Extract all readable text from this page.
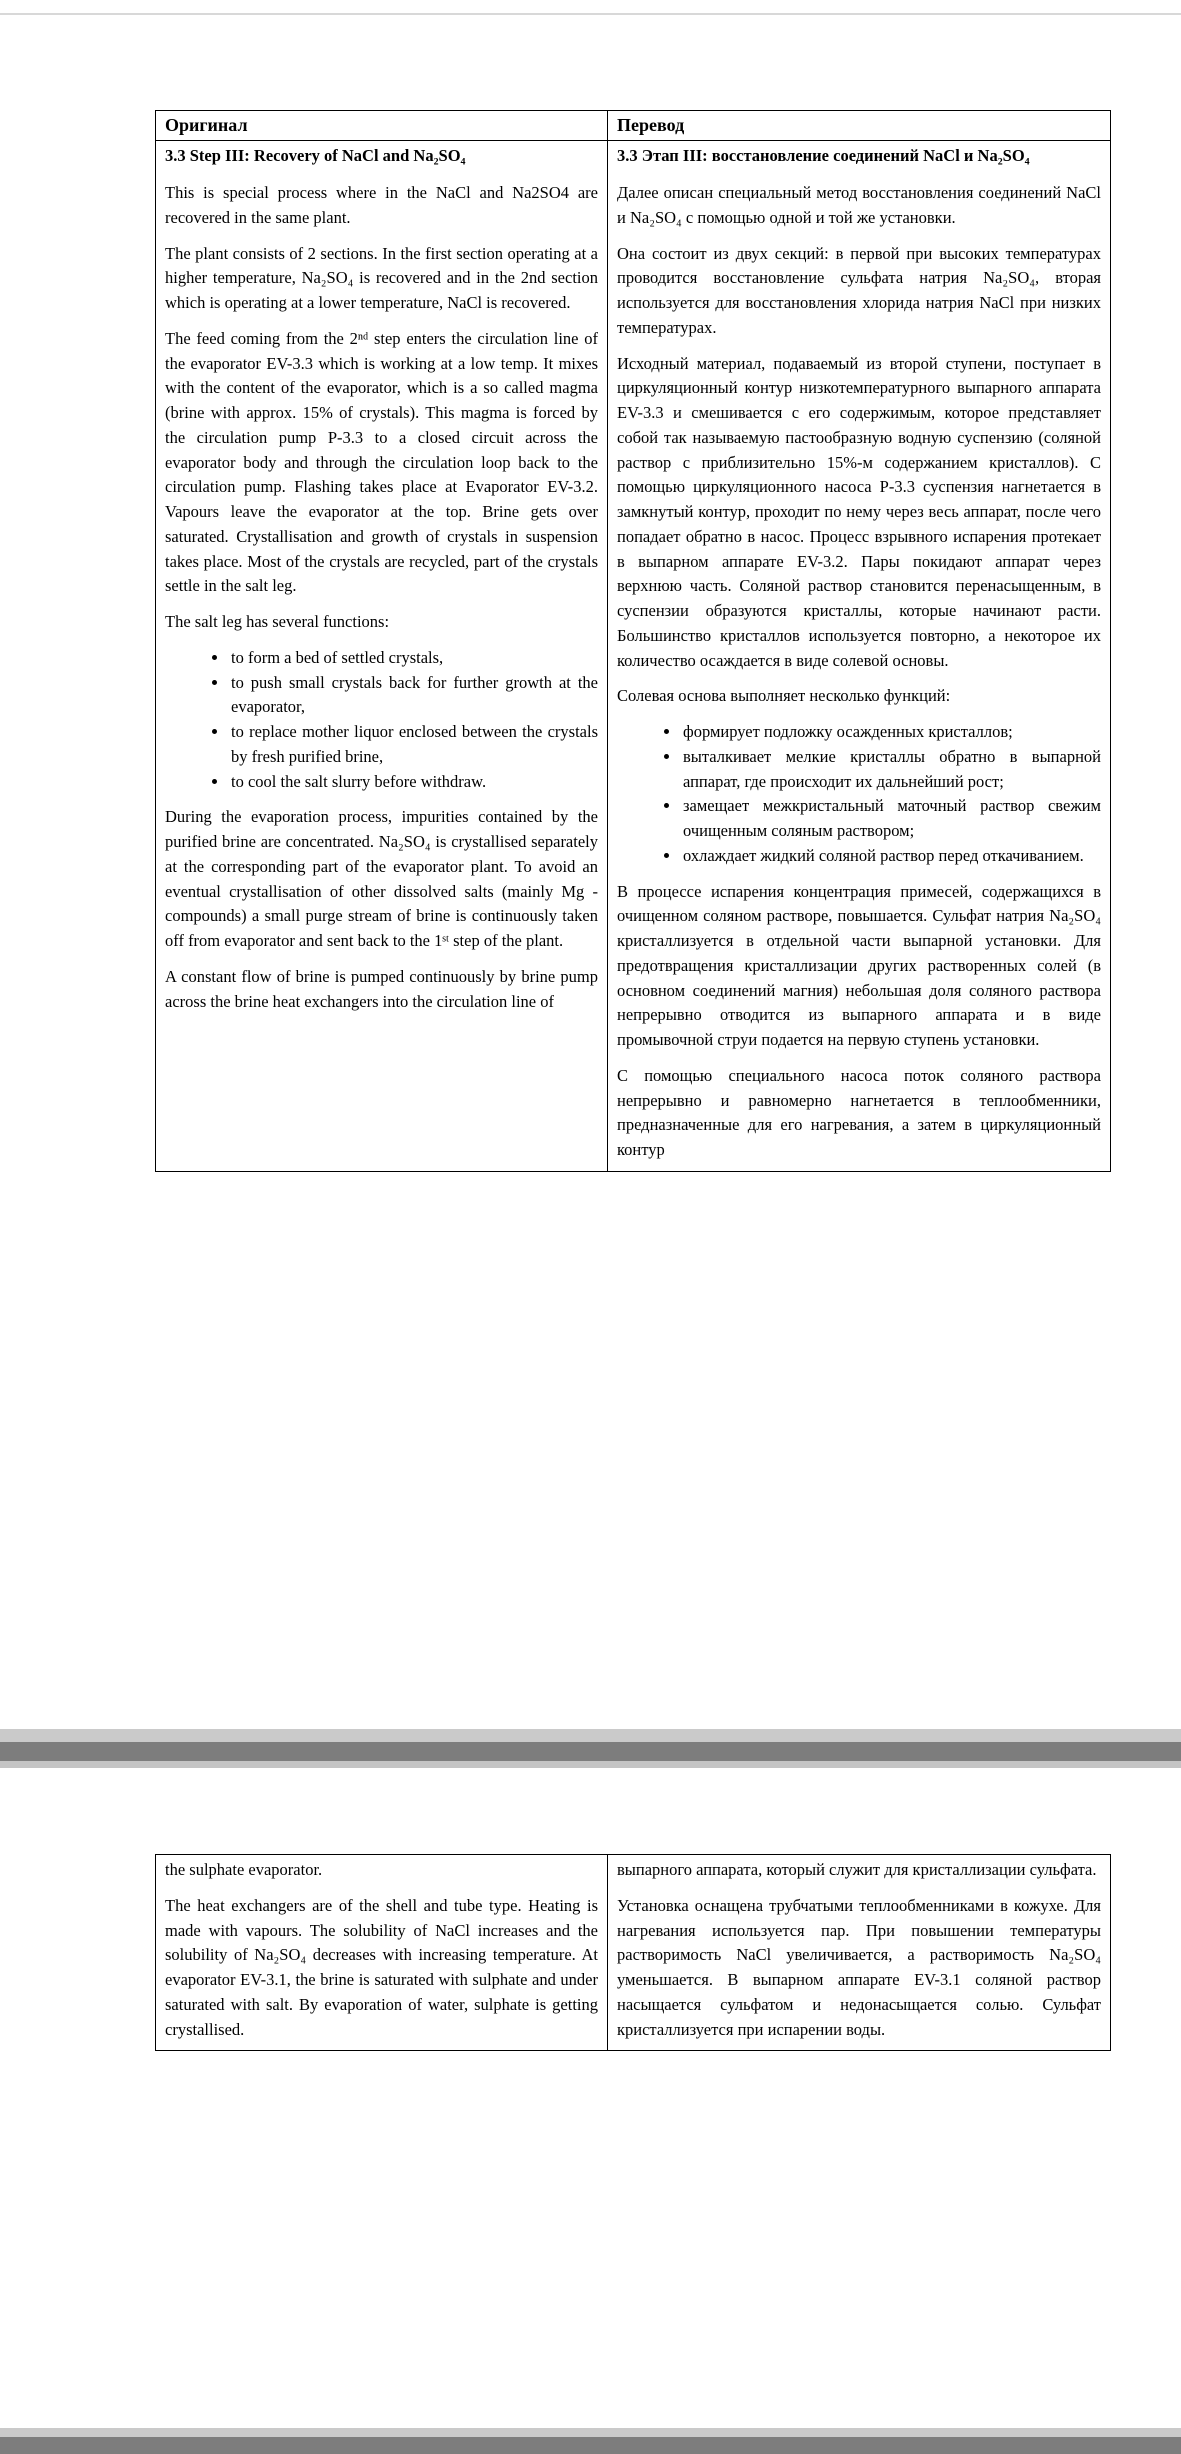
Оригинал	Перевод

3.3 Step III: Recovery of NaCl and Na₂SO₄

This is special process where in the NaCl and Na2SO4 are recovered in the same plant.

The plant consists of 2 sections. In the first section operating at a higher temperature, Na₂SO₄ is recovered and in the 2nd section which is operating at a lower temperature, NaCl is recovered.

The feed coming from the 2ⁿᵈ step enters the circulation line of the evaporator EV-3.3 which is working at a low temp. It mixes with the content of the evaporator, which is a so called magma (brine with approx. 15% of crystals). This magma is forced by the circulation pump P-3.3 to a closed circuit across the evaporator body and through the circulation loop back to the circulation pump. Flashing takes place at Evaporator EV-3.2. Vapours leave the evaporator at the top. Brine gets over saturated. Crystallisation and growth of crystals in suspension takes place. Most of the crystals are recycled, part of the crystals settle in the salt leg.

The salt leg has several functions:

• to form a bed of settled crystals,
• to push small crystals back for further growth at the evaporator,
• to replace mother liquor enclosed between the crystals by fresh purified brine,
• to cool the salt slurry before withdraw.

During the evaporation process, impurities contained by the purified brine are concentrated. Na₂SO₄ is crystallised separately at the corresponding part of the evaporator plant. To avoid an eventual crystallisation of other dissolved salts (mainly Mg - compounds) a small purge stream of brine is continuously taken off from evaporator and sent back to the 1ˢᵗ step of the plant.

A constant flow of brine is pumped continuously by brine pump across the brine heat exchangers into the circulation line of

3.3 Этап III: восстановление соединений NaCl и Na₂SO₄

Далее описан специальный метод восстановления соединений NaCl и Na₂SO₄ с помощью одной и той же установки.

Она состоит из двух секций: в первой при высоких температурах проводится восстановление сульфата натрия Na₂SO₄, вторая используется для восстановления хлорида натрия NaCl при низких температурах.

Исходный материал, подаваемый из второй ступени, поступает в циркуляционный контур низкотемпературного выпарного аппарата EV-3.3 и смешивается с его содержимым, которое представляет собой так называемую пастообразную водную суспензию (соляной раствор с приблизительно 15%-м содержанием кристаллов). С помощью циркуляционного насоса P-3.3 суспензия нагнетается в замкнутый контур, проходит по нему через весь аппарат, после чего попадает обратно в насос. Процесс взрывного испарения протекает в выпарном аппарате EV-3.2. Пары покидают аппарат через верхнюю часть. Соляной раствор становится перенасыщенным, в суспензии образуются кристаллы, которые начинают расти. Большинство кристаллов используется повторно, а некоторое их количество осаждается в виде солевой основы.

Солевая основа выполняет несколько функций:

• формирует подложку осажденных кристаллов;
• выталкивает мелкие кристаллы обратно в выпарной аппарат, где происходит их дальнейший рост;
• замещает межкристальный маточный раствор свежим очищенным соляным раствором;
• охлаждает жидкий соляной раствор перед откачиванием.

В процессе испарения концентрация примесей, содержащихся в очищенном соляном растворе, повышается. Сульфат натрия Na₂SO₄ кристаллизуется в отдельной части выпарной установки. Для предотвращения кристаллизации других растворенных солей (в основном соединений магния) небольшая доля соляного раствора непрерывно отводится из выпарного аппарата и в виде промывочной струи подается на первую ступень установки.

С помощью специального насоса поток соляного раствора непрерывно и равномерно нагнетается в теплообменники, предназначенные для его нагревания, а затем в циркуляционный контур

the sulphate evaporator.

The heat exchangers are of the shell and tube type. Heating is made with vapours. The solubility of NaCl increases and the solubility of Na₂SO₄ decreases with increasing temperature. At evaporator EV-3.1, the brine is saturated with sulphate and under saturated with salt. By evaporation of water, sulphate is getting crystallised.

выпарного аппарата, который служит для кристаллизации сульфата.

Установка оснащена трубчатыми теплообменниками в кожухе. Для нагревания используется пар. При повышении температуры растворимость NaCl увеличивается, а растворимость Na₂SO₄ уменьшается. В выпарном аппарате EV-3.1 соляной раствор насыщается сульфатом и недонасыщается солью. Сульфат кристаллизуется при испарении воды.
